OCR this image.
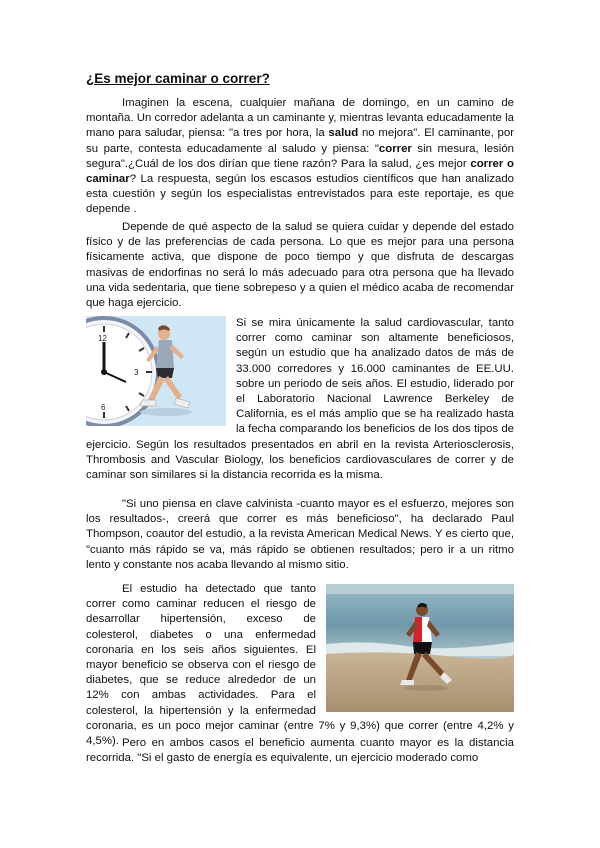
¿Es mejor caminar o correr?

Imaginen la escena, cualquier mañana de domingo, en un camino de montaña. Un corredor adelanta a un caminante y, mientras levanta educadamente la mano para saludar, piensa: "a tres por hora, la salud no mejora". El caminante, por su parte, contesta educadamente al saludo y piensa: "correr sin mesura, lesión segura".¿Cuál de los dos dirían que tiene razón? Para la salud, ¿es mejor correr o caminar? La respuesta, según los escasos estudios científicos que han analizado esta cuestión y según los especialistas entrevistados para este reportaje, es que depende .

Depende de qué aspecto de la salud se quiera cuidar y depende del estado físico y de las preferencias de cada persona. Lo que es mejor para una persona físicamente activa, que dispone de poco tiempo y que disfruta de descargas masivas de endorfinas no será lo más adecuado para otra persona que ha llevado una vida sedentaria, que tiene sobrepeso y a quien el médico acaba de recomendar que haga ejercicio.

12
3
6
Si se mira únicamente la salud cardiovascular, tanto correr como caminar son altamente beneficiosos, según un estudio que ha analizado datos de más de 33.000 corredores y 16.000 caminantes de EE.UU. sobre un periodo de seis años. El estudio, liderado por el Laboratorio Nacional Lawrence Berkeley de California, es el más amplio que se ha realizado hasta la fecha comparando los beneficios de los dos tipos de ejercicio. Según los resultados presentados en abril en la revista Arteriosclerosis, Thrombosis and Vascular Biology, los beneficios cardiovasculares de correr y de caminar son similares si la distancia recorrida es la misma.

"Si uno piensa en clave calvinista -cuanto mayor es el esfuerzo, mejores son los resultados-, creerá que correr es más beneficioso", ha declarado Paul Thompson, coautor del estudio, a la revista American Medical News. Y es cierto que, "cuanto más rápido se va, más rápido se obtienen resultados; pero ir a un ritmo lento y constante nos acaba llevando al mismo sitio.

El estudio ha detectado que tanto correr como caminar reducen el riesgo de desarrollar hipertensión, exceso de colesterol, diabetes o una enfermedad coronaria en los seis años siguientes. El mayor beneficio se observa con el riesgo de diabetes, que se reduce alrededor de un 12% con ambas actividades. Para el colesterol, la hipertensión y la enfermedad coronaria, es un poco mejor caminar (entre 7% y 9,3%) que correr (entre 4,2% y 4,5%). Pero en ambos casos el beneficio aumenta cuanto mayor es la distancia recorrida. "Si el gasto de energía es equivalente, un ejercicio moderado como
